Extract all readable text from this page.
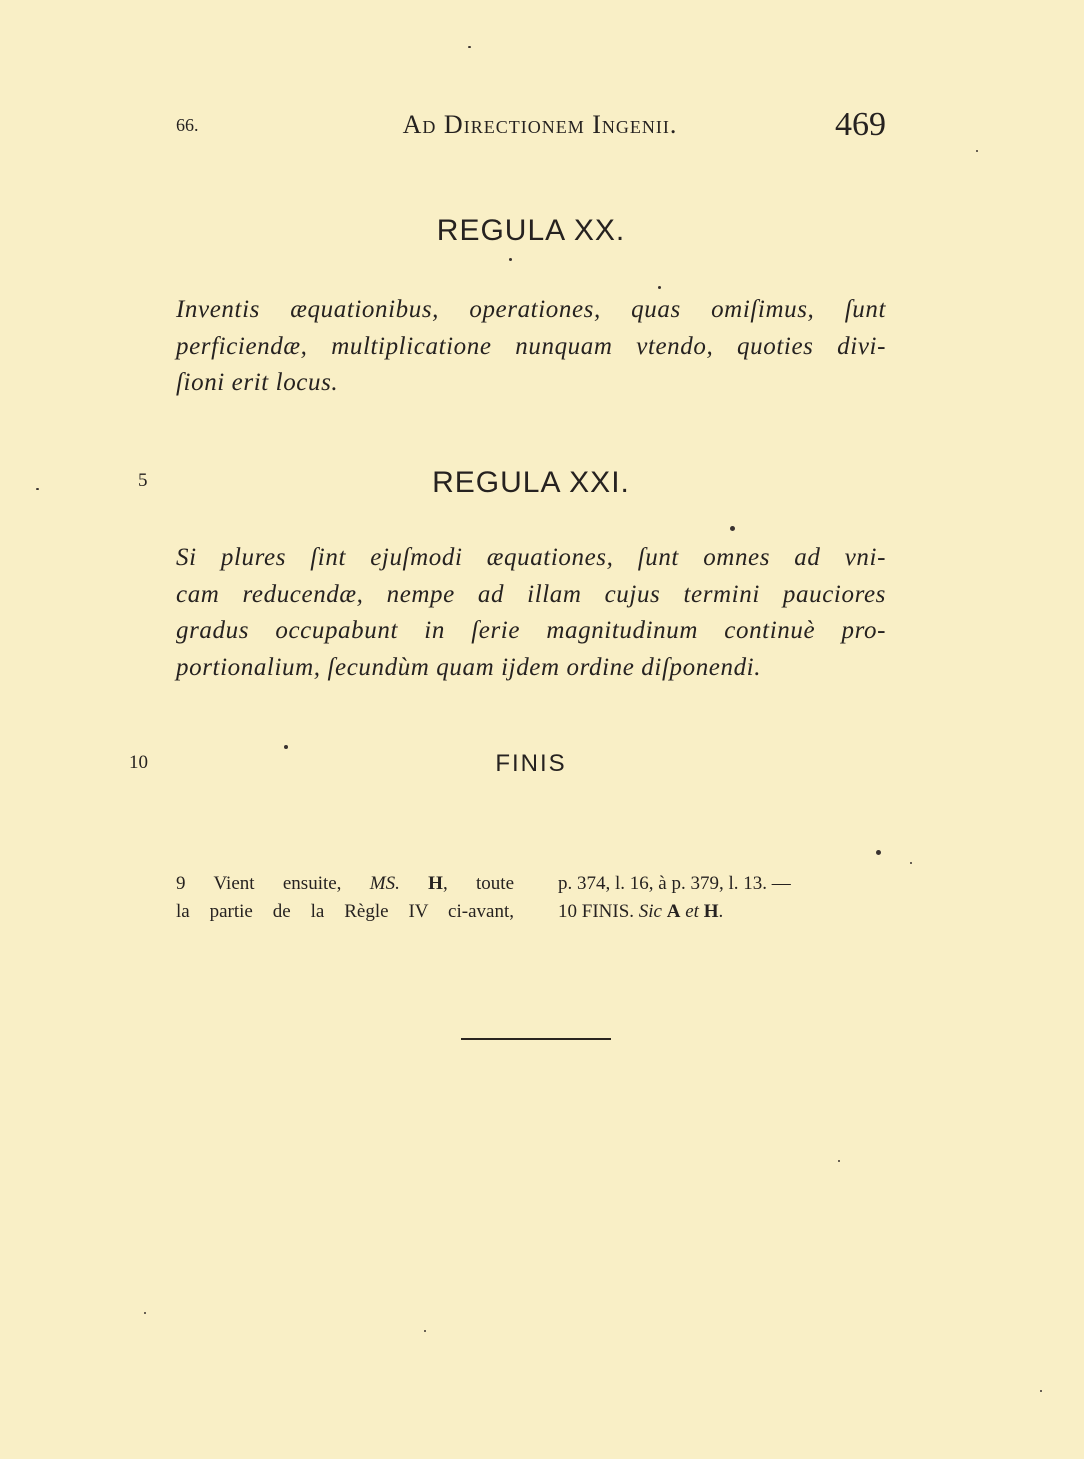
66.	Ad Directionem Ingenii.	469
REGULA XX.
Inventis æquationibus, operationes, quas omiſimus, ſunt
perficiendæ, multiplicatione nunquam vtendo, quoties divi-
ſioni erit locus.
5	REGULA XXI.
Si plures ſint ejuſmodi æquationes, ſunt omnes ad vni-
cam reducendæ, nempe ad illam cujus termini pauciores
gradus occupabunt in ſerie magnitudinum continuè pro-
portionalium, ſecundùm quam ijdem ordine diſponendi.
10	FINIS
9 Vient ensuite, MS. H, toute
la partie de la Règle IV ci-avant,
p. 374, l. 16, à p. 379, l. 13. —
10 FINIS. Sic A et H.
